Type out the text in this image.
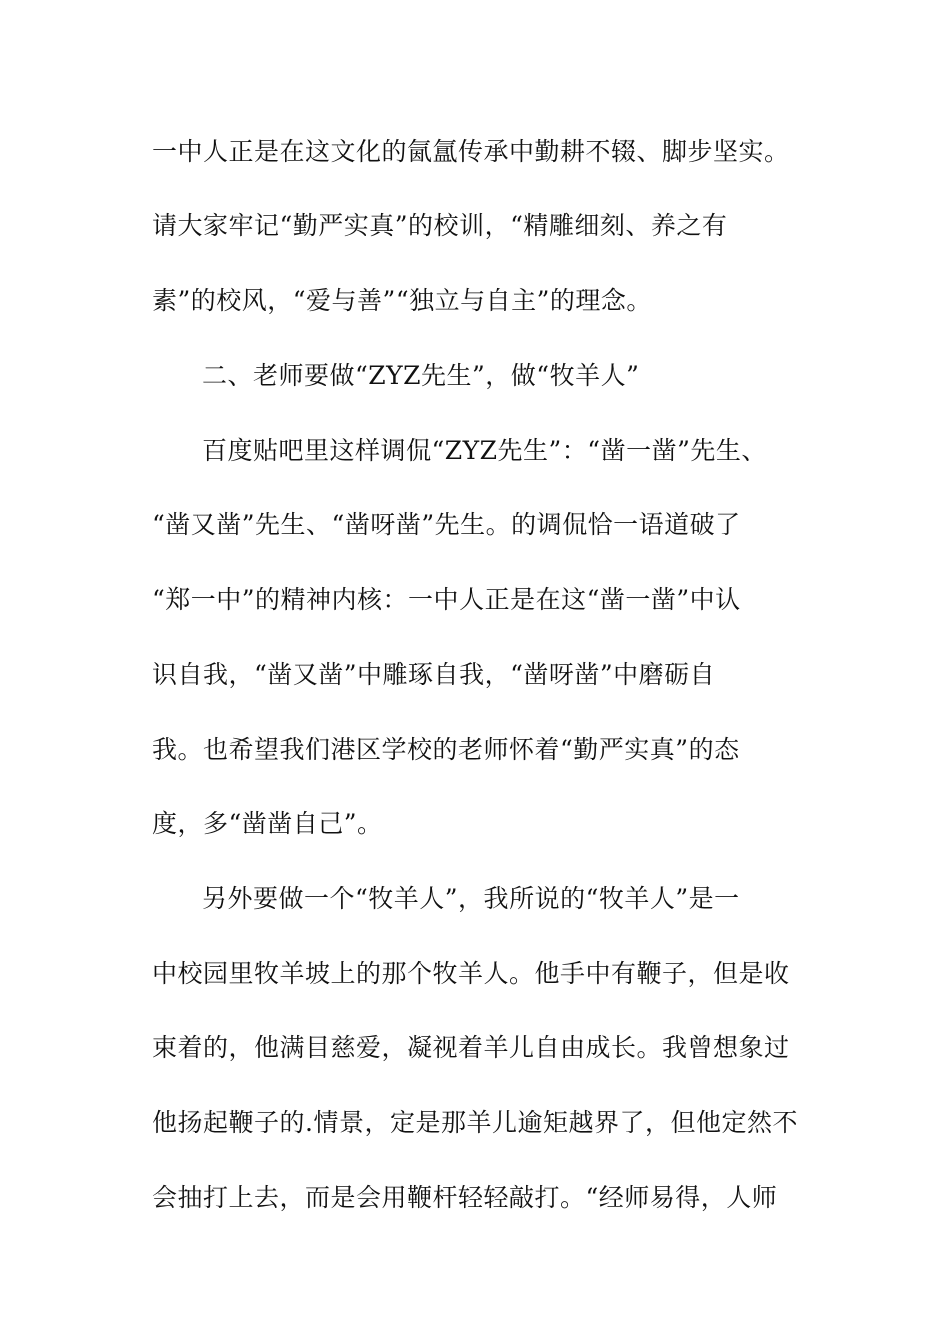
一中人正是在这文化的氤氲传承中勤耕不辍、脚步坚实。
请大家牢记“勤严实真”的校训，“精雕细刻、养之有
素”的校风，“爱与善”“独立与自主”的理念。
二、老师要做“ZYZ先生”，做“牧羊人”
百度贴吧里这样调侃“ZYZ先生”：“凿一凿”先生、
“凿又凿”先生、“凿呀凿”先生。的调侃恰一语道破了
“郑一中”的精神内核：一中人正是在这“凿一凿”中认
识自我，“凿又凿”中雕琢自我，“凿呀凿”中磨砺自
我。也希望我们港区学校的老师怀着“勤严实真”的态
度，多“凿凿自己”。
另外要做一个“牧羊人”，我所说的“牧羊人”是一
中校园里牧羊坡上的那个牧羊人。他手中有鞭子，但是收
束着的，他满目慈爱，凝视着羊儿自由成长。我曾想象过
他扬起鞭子的.情景，定是那羊儿逾矩越界了，但他定然不
会抽打上去，而是会用鞭杆轻轻敲打。“经师易得，人师
